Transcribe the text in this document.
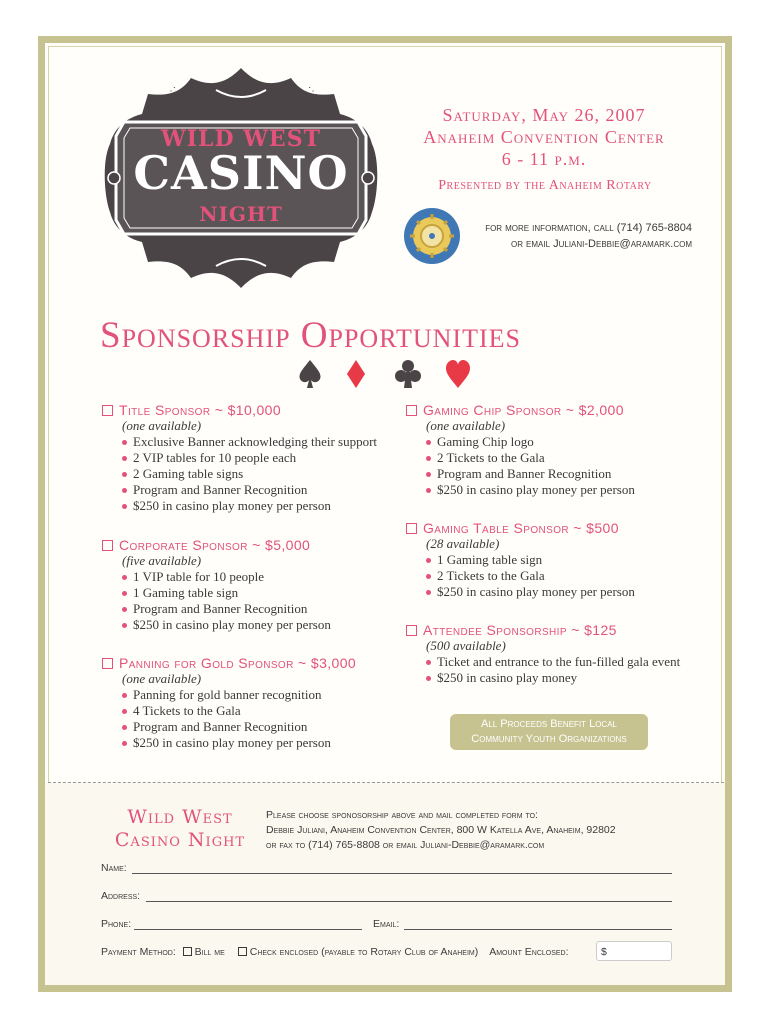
⋰	⋱
WILD WEST
CASINO
NIGHT
Saturday, May 26, 2007
Anaheim Convention Center
6 - 11 p.m.
Presented by the Anaheim Rotary
for more information, call (714) 765-8804
or email Juliani-Debbie@aramark.com
Sponsorship Opportunities
Title Sponsor ~ $10,000
(one available)
Exclusive Banner acknowledging their support
2 VIP tables for 10 people each
2 Gaming table signs
Program and Banner Recognition
$250 in casino play money per person
Corporate Sponsor ~ $5,000
(five available)
1 VIP table for 10 people
1 Gaming table sign
Program and Banner Recognition
$250 in casino play money per person
Panning for Gold Sponsor ~ $3,000
(one available)
Panning for gold banner recognition
4 Tickets to the Gala
Program and Banner Recognition
$250 in casino play money per person
Gaming Chip Sponsor ~ $2,000
(one available)
Gaming Chip logo
2 Tickets to the Gala
Program and Banner Recognition
$250 in casino play money per person
Gaming Table Sponsor ~ $500
(28 available)
1 Gaming table sign
2 Tickets to the Gala
$250 in casino play money per person
Attendee Sponsorship ~ $125
(500 available)
Ticket and entrance to the fun-filled gala event
$250 in casino play money
All Proceeds Benefit Local
Community Youth Organizations
Wild West
Casino Night
Please choose sponosorship above and mail completed form to:
Debbie Juliani, Anaheim Convention Center, 800 W Katella Ave, Anaheim, 92802
or fax to (714) 765-8808 or email Juliani-Debbie@aramark.com
Name:
Address:
Phone:	Email:
Payment Method: Bill me Check enclosed (payable to Rotary Club of Anaheim) Amount Enclosed:	$
